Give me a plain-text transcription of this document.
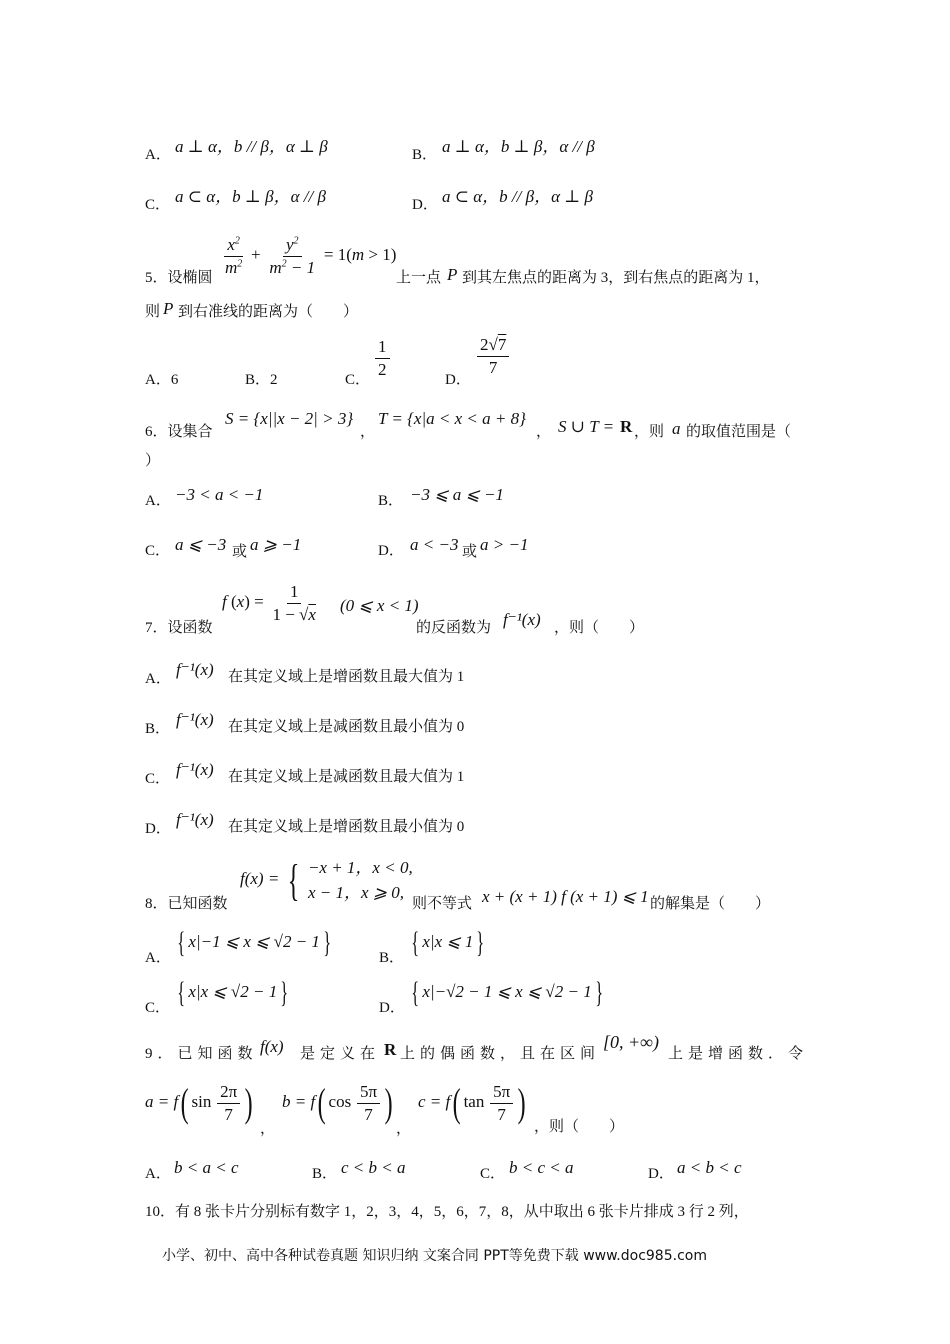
A． a ⊥ α，b // β，α ⊥ β	B． a ⊥ α，b ⊥ β，α // β
C． a ⊂ α，b ⊥ β，α // β	D． a ⊂ α，b // β，α ⊥ β
5．设椭圆
$\frac{x^2}{m^2} + \frac{y^2}{m^2 - 1} = 1(m > 1)$
上一点 P 到其左焦点的距离为 3，到右焦点的距离为 1，
则 P 到右准线的距离为（　　）
A．6	B．2	C．
$\frac{1}{2}$
D．
$\frac{2√7}{7}$
6．设集合
S = {x||x − 2| > 3}
，
T = {x|a < x < a + 8}
， S ∪ T = R ，则 a 的取值范围是（
）
A． −3 < a < −1	B． −3 ⩽ a ⩽ −1
C． a ⩽ −3 或 a ⩾ −1	D． a < −3 或 a > −1
7．设函数
f $(x) = \frac{1}{1 - √x} (0$ ⩽ x < 1)
的反函数为 f⁻¹(x) ，则（　　）
A． f⁻¹(x) 在其定义域上是增函数且最大值为 1
B． f⁻¹(x) 在其定义域上是减函数且最小值为 0
C． f⁻¹(x) 在其定义域上是减函数且最大值为 1
D． f⁻¹(x) 在其定义域上是增函数且最小值为 0
8．已知函数
f(x) = { −x + 1，x < 0,
x − 1，x ⩾ 0,
则不等式 x + (x + 1) f (x + 1) ⩽ 1 的解集是（　　）
A． { x|−1 ⩽ x ⩽ √2 − 1 }	B． { x|x ⩽ 1 }
C． { x|x ⩽ √2 − 1 }	D． { x|−√2 − 1 ⩽ x ⩽ √2 − 1 }
9．已知函数 f(x) 是定义在 R 上的偶函数，且在区间
[0, +∞)
上是增函数．令
a = f( $\sin \frac{2\pi}{7}$ )
，
b = f( $\cos \frac{5\pi}{7}$ )
，
c = f( $\tan \frac{5\pi}{7}$ )
，则（　　）
A． b < a < c	B． c < b < a	C． b < c < a	D． a < b < c
10．有 8 张卡片分别标有数字 1，2，3，4，5，6，7，8，从中取出 6 张卡片排成 3 行 2 列，
小学、初中、高中各种试卷真题 知识归纳 文案合同 PPT等免费下载 www.doc985.com
